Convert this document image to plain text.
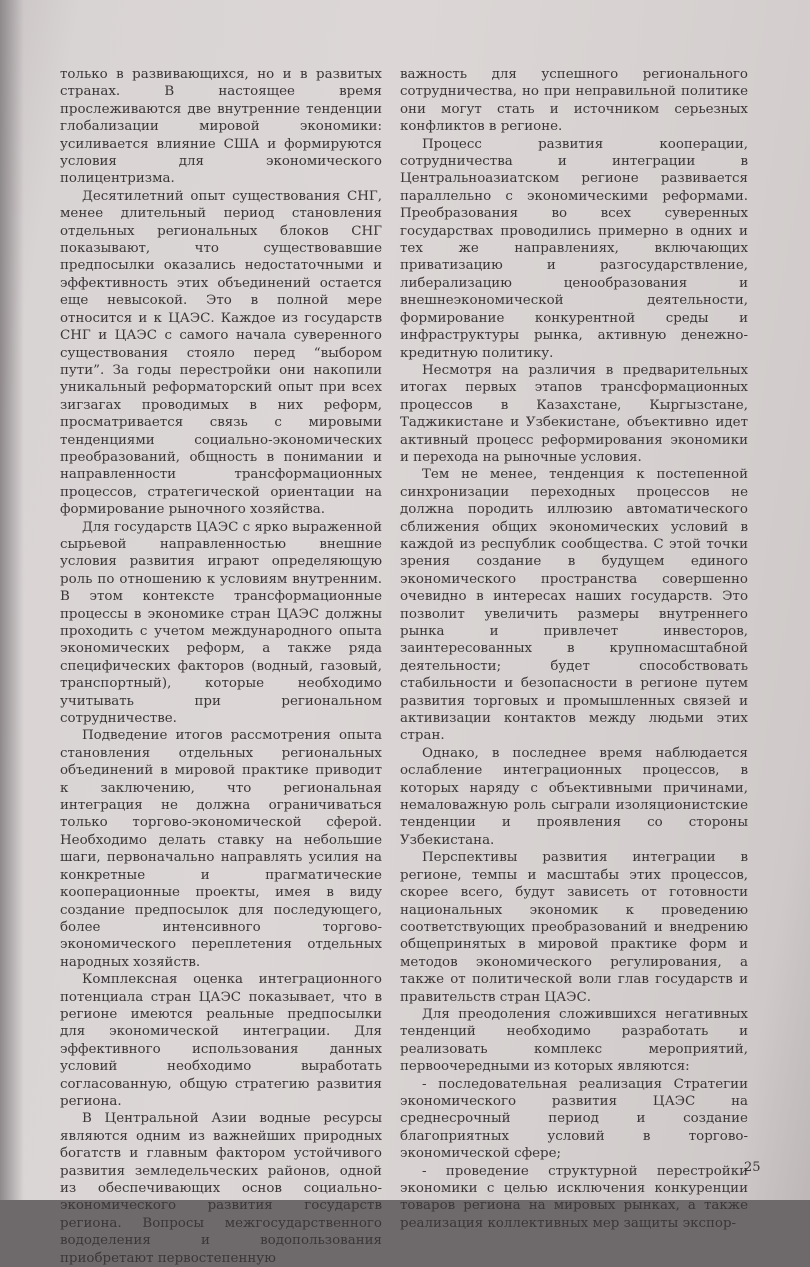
только в развивающихся, но и в развитых странах. В настоящее время прослеживаются две внутренние тенденции глобализации мировой экономики: усиливается влияние США и формируются условия для экономического полицентризма.

Десятилетний опыт существования СНГ, менее длительный период становления отдельных региональных блоков СНГ показывают, что существовавшие предпосылки оказались недостаточными и эффективность этих объединений остается еще невысокой. Это в полной мере относится и к ЦАЭС. Каждое из государств СНГ и ЦАЭС с самого начала суверенного существования стояло перед “выбором пути”. За годы перестройки они накопили уникальный реформаторский опыт при всех зигзагах проводимых в них реформ, просматривается связь с мировыми тенденциями социально-экономических преобразований, общность в понимании и направленности трансформационных процессов, стратегической ориентации на формирование рыночного хозяйства.

Для государств ЦАЭС с ярко выраженной сырьевой направленностью внешние условия развития играют определяющую роль по отношению к условиям внутренним. В этом контексте трансформационные процессы в экономике стран ЦАЭС должны проходить с учетом международного опыта экономических реформ, а также ряда специфических факторов (водный, газовый, транспортный), которые необходимо учитывать при региональном сотрудничестве.

Подведение итогов рассмотрения опыта становления отдельных региональных объединений в мировой практике приводит к заключению, что региональная интеграция не должна ограничиваться только торгово-экономической сферой. Необходимо делать ставку на небольшие шаги, первоначально направлять усилия на конкретные и прагматические кооперационные проекты, имея в виду создание предпосылок для последующего, более интенсивного торгово-экономического переплетения отдельных народных хозяйств.

Комплексная оценка интеграционного потенциала стран ЦАЭС показывает, что в регионе имеются реальные предпосылки для экономической интеграции. Для эффективного использования данных условий необходимо выработать согласованную, общую стратегию развития региона.

В Центральной Азии водные ресурсы являются одним из важнейших природных богатств и главным фактором устойчивого развития земледельческих районов, одной из обеспечивающих основ социально-экономического развития государств региона. Вопросы межгосударственного вододеления и водопользования приобретают первостепенную

важность для успешного регионального сотрудничества, но при неправильной политике они могут стать и источником серьезных конфликтов в регионе.

Процесс развития кооперации, сотрудничества и интеграции в Центральноазиатском регионе развивается параллельно с экономическими реформами. Преобразования во всех суверенных государствах проводились примерно в одних и тех же направлениях, включающих приватизацию и разгосударствление, либерализацию ценообразования и внешнеэкономической деятельности, формирование конкурентной среды и инфраструктуры рынка, активную денежно-кредитную политику.

Несмотря на различия в предварительных итогах первых этапов трансформационных процессов в Казахстане, Кыргызстане, Таджикистане и Узбекистане, объективно идет активный процесс реформирования экономики и перехода на рыночные условия.

Тем не менее, тенденция к постепенной синхронизации переходных процессов не должна породить иллюзию автоматического сближения общих экономических условий в каждой из республик сообщества. С этой точки зрения создание в будущем единого экономического пространства совершенно очевидно в интересах наших государств. Это позволит увеличить размеры внутреннего рынка и привлечет инвесторов, заинтересованных в крупномасштабной деятельности; будет способствовать стабильности и безопасности в регионе путем развития торговых и промышленных связей и активизации контактов между людьми этих стран.

Однако, в последнее время наблюдается ослабление интеграционных процессов, в которых наряду с объективными причинами, немаловажную роль сыграли изоляционистские тенденции и проявления со стороны Узбекистана.

Перспективы развития интеграции в регионе, темпы и масштабы этих процессов, скорее всего, будут зависеть от готовности национальных экономик к проведению соответствующих преобразований и внедрению общепринятых в мировой практике форм и методов экономического регулирования, а также от политической воли глав государств и правительств стран ЦАЭС.

Для преодоления сложившихся негативных тенденций необходимо разработать и реализовать комплекс мероприятий, первоочередными из которых являются:

- последовательная реализация Стратегии экономического развития ЦАЭС на среднесрочный период и создание благоприятных условий в торгово-экономической сфере;

- проведение структурной перестройки экономики с целью исключения конкуренции товаров региона на мировых рынках, а также реализация коллективных мер защиты экспор-

25
